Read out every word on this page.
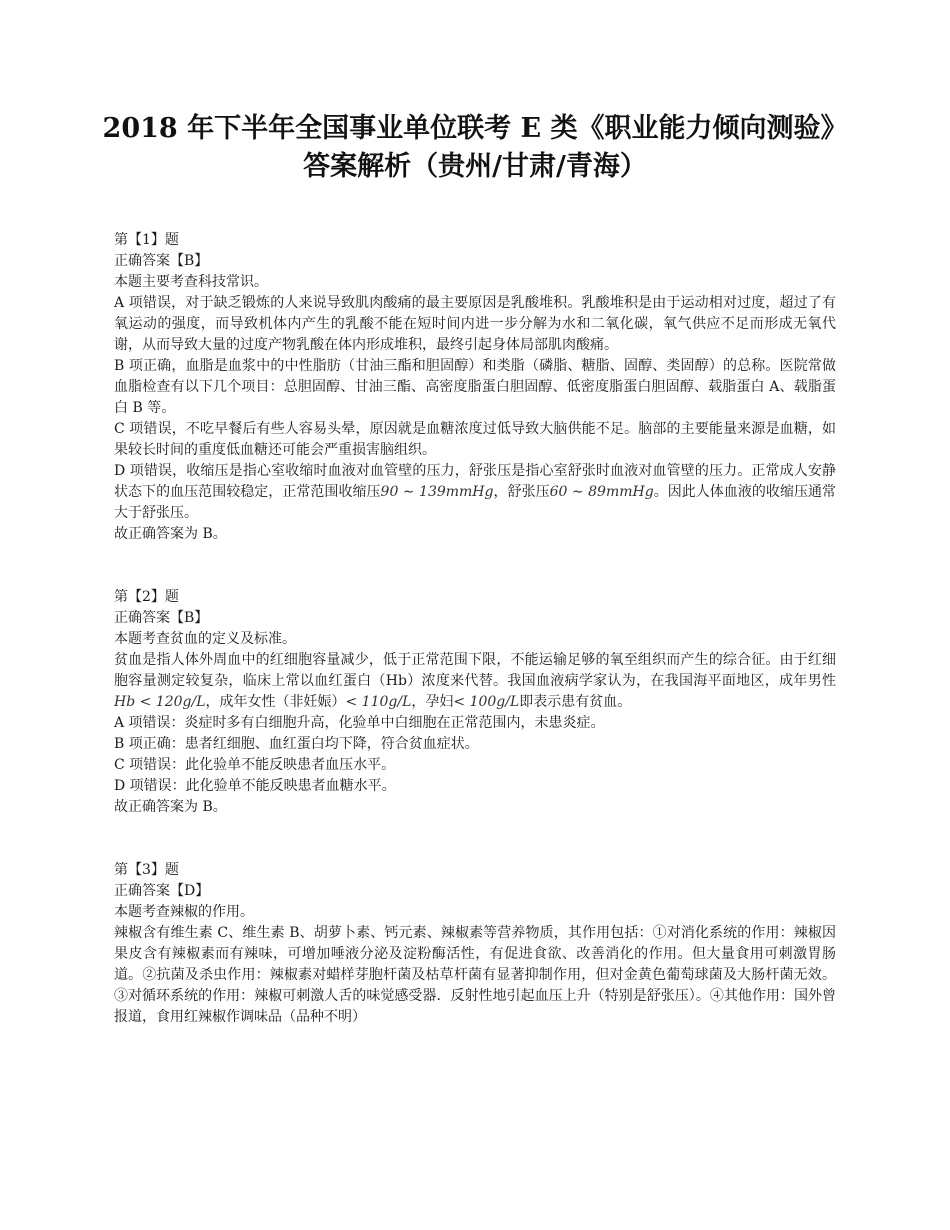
2018 年下半年全国事业单位联考 E 类《职业能力倾向测验》
答案解析（贵州/甘肃/青海）
第【1】题
正确答案【B】
本题主要考查科技常识。
A 项错误，对于缺乏锻炼的人来说导致肌肉酸痛的最主要原因是乳酸堆积。乳酸堆积是由于运动相对过度，超过了有氧运动的强度，而导致机体内产生的乳酸不能在短时间内进一步分解为水和二氧化碳，氧气供应不足而形成无氧代谢，从而导致大量的过度产物乳酸在体内形成堆积，最终引起身体局部肌肉酸痛。
B 项正确，血脂是血浆中的中性脂肪（甘油三酯和胆固醇）和类脂（磷脂、糖脂、固醇、类固醇）的总称。医院常做血脂检查有以下几个项目：总胆固醇、甘油三酯、高密度脂蛋白胆固醇、低密度脂蛋白胆固醇、载脂蛋白 A、载脂蛋白 B 等。
C 项错误，不吃早餐后有些人容易头晕，原因就是血糖浓度过低导致大脑供能不足。脑部的主要能量来源是血糖，如果较长时间的重度低血糖还可能会严重损害脑组织。
D 项错误，收缩压是指心室收缩时血液对血管壁的压力，舒张压是指心室舒张时血液对血管壁的压力。正常成人安静状态下的血压范围较稳定，正常范围收缩压90 ∼ 139mmHg，舒张压60 ∼ 89mmHg。因此人体血液的收缩压通常大于舒张压。
故正确答案为 B。
第【2】题
正确答案【B】
本题考查贫血的定义及标准。
贫血是指人体外周血中的红细胞容量减少，低于正常范围下限，不能运输足够的氧至组织而产生的综合征。由于红细胞容量测定较复杂，临床上常以血红蛋白（Hb）浓度来代替。我国血液病学家认为，在我国海平面地区，成年男性Hb < 120g/L，成年女性（非妊娠）< 110g/L，孕妇< 100g/L即表示患有贫血。
A 项错误：炎症时多有白细胞升高，化验单中白细胞在正常范围内，未患炎症。
B 项正确：患者红细胞、血红蛋白均下降，符合贫血症状。
C 项错误：此化验单不能反映患者血压水平。
D 项错误：此化验单不能反映患者血糖水平。
故正确答案为 B。
第【3】题
正确答案【D】
本题考查辣椒的作用。
辣椒含有维生素 C、维生素 B、胡萝卜素、钙元素、辣椒素等营养物质，其作用包括：①对消化系统的作用：辣椒因果皮含有辣椒素而有辣味，可增加唾液分泌及淀粉酶活性，有促进食欲、改善消化的作用。但大量食用可刺激胃肠道。②抗菌及杀虫作用：辣椒素对蜡样芽胞杆菌及枯草杆菌有显著抑制作用，但对金黄色葡萄球菌及大肠杆菌无效。③对循环系统的作用：辣椒可刺激人舌的味觉感受器．反射性地引起血压上升（特别是舒张压）。④其他作用：国外曾报道，食用红辣椒作调味品（品种不明）
